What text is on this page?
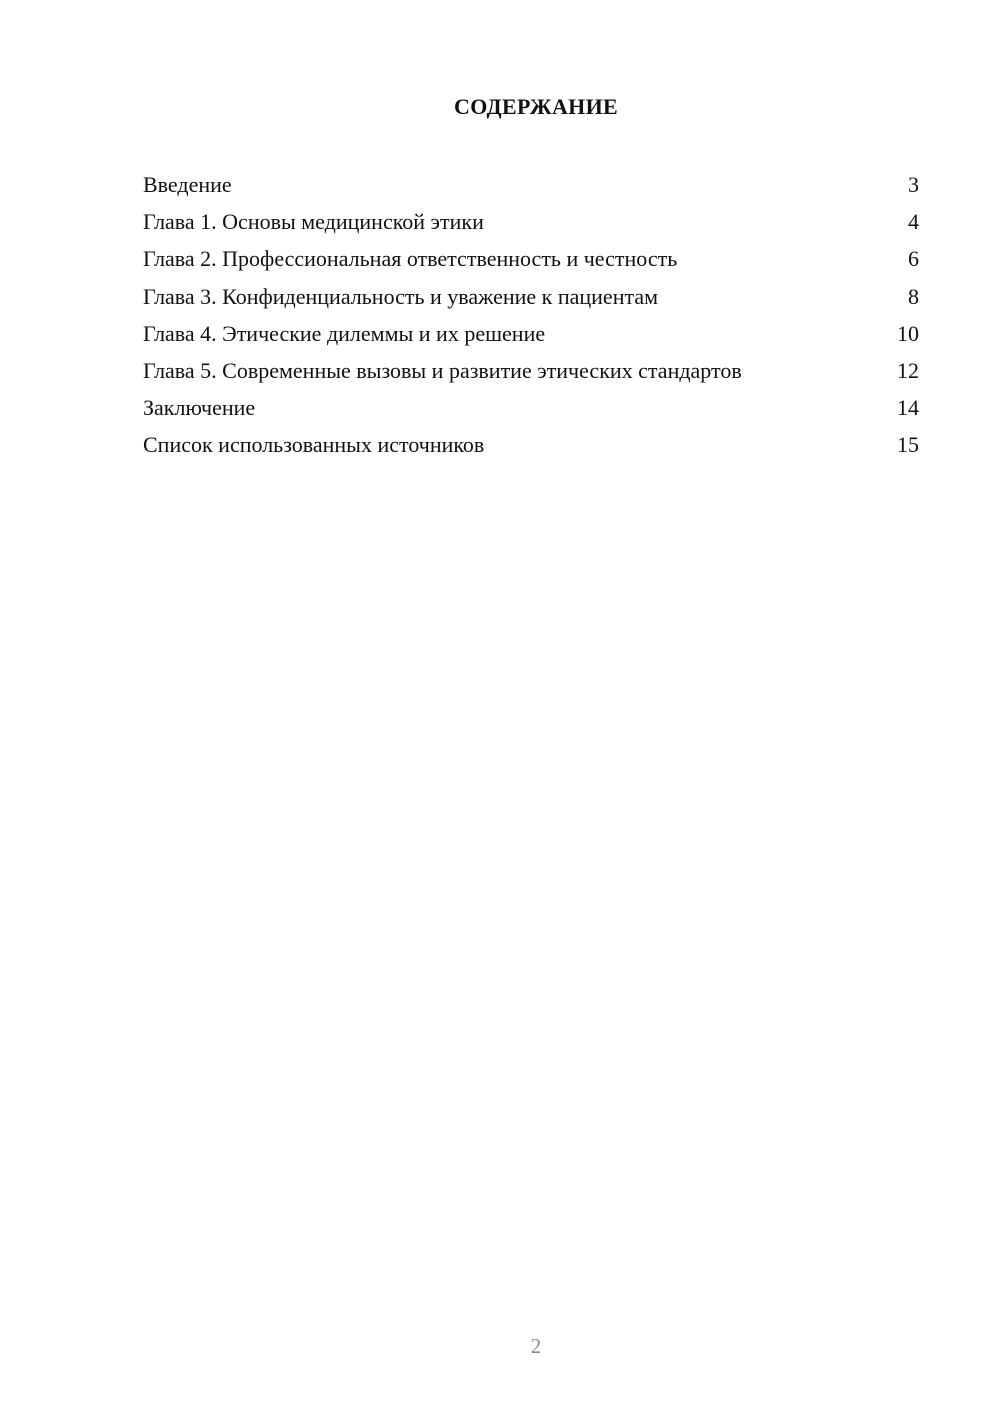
СОДЕРЖАНИЕ
Введение	3
Глава 1. Основы медицинской этики	4
Глава 2. Профессиональная ответственность и честность	6
Глава 3. Конфиденциальность и уважение к пациентам	8
Глава 4. Этические дилеммы и их решение	10
Глава 5. Современные вызовы и развитие этических стандартов	12
Заключение	14
Список использованных источников	15
2
